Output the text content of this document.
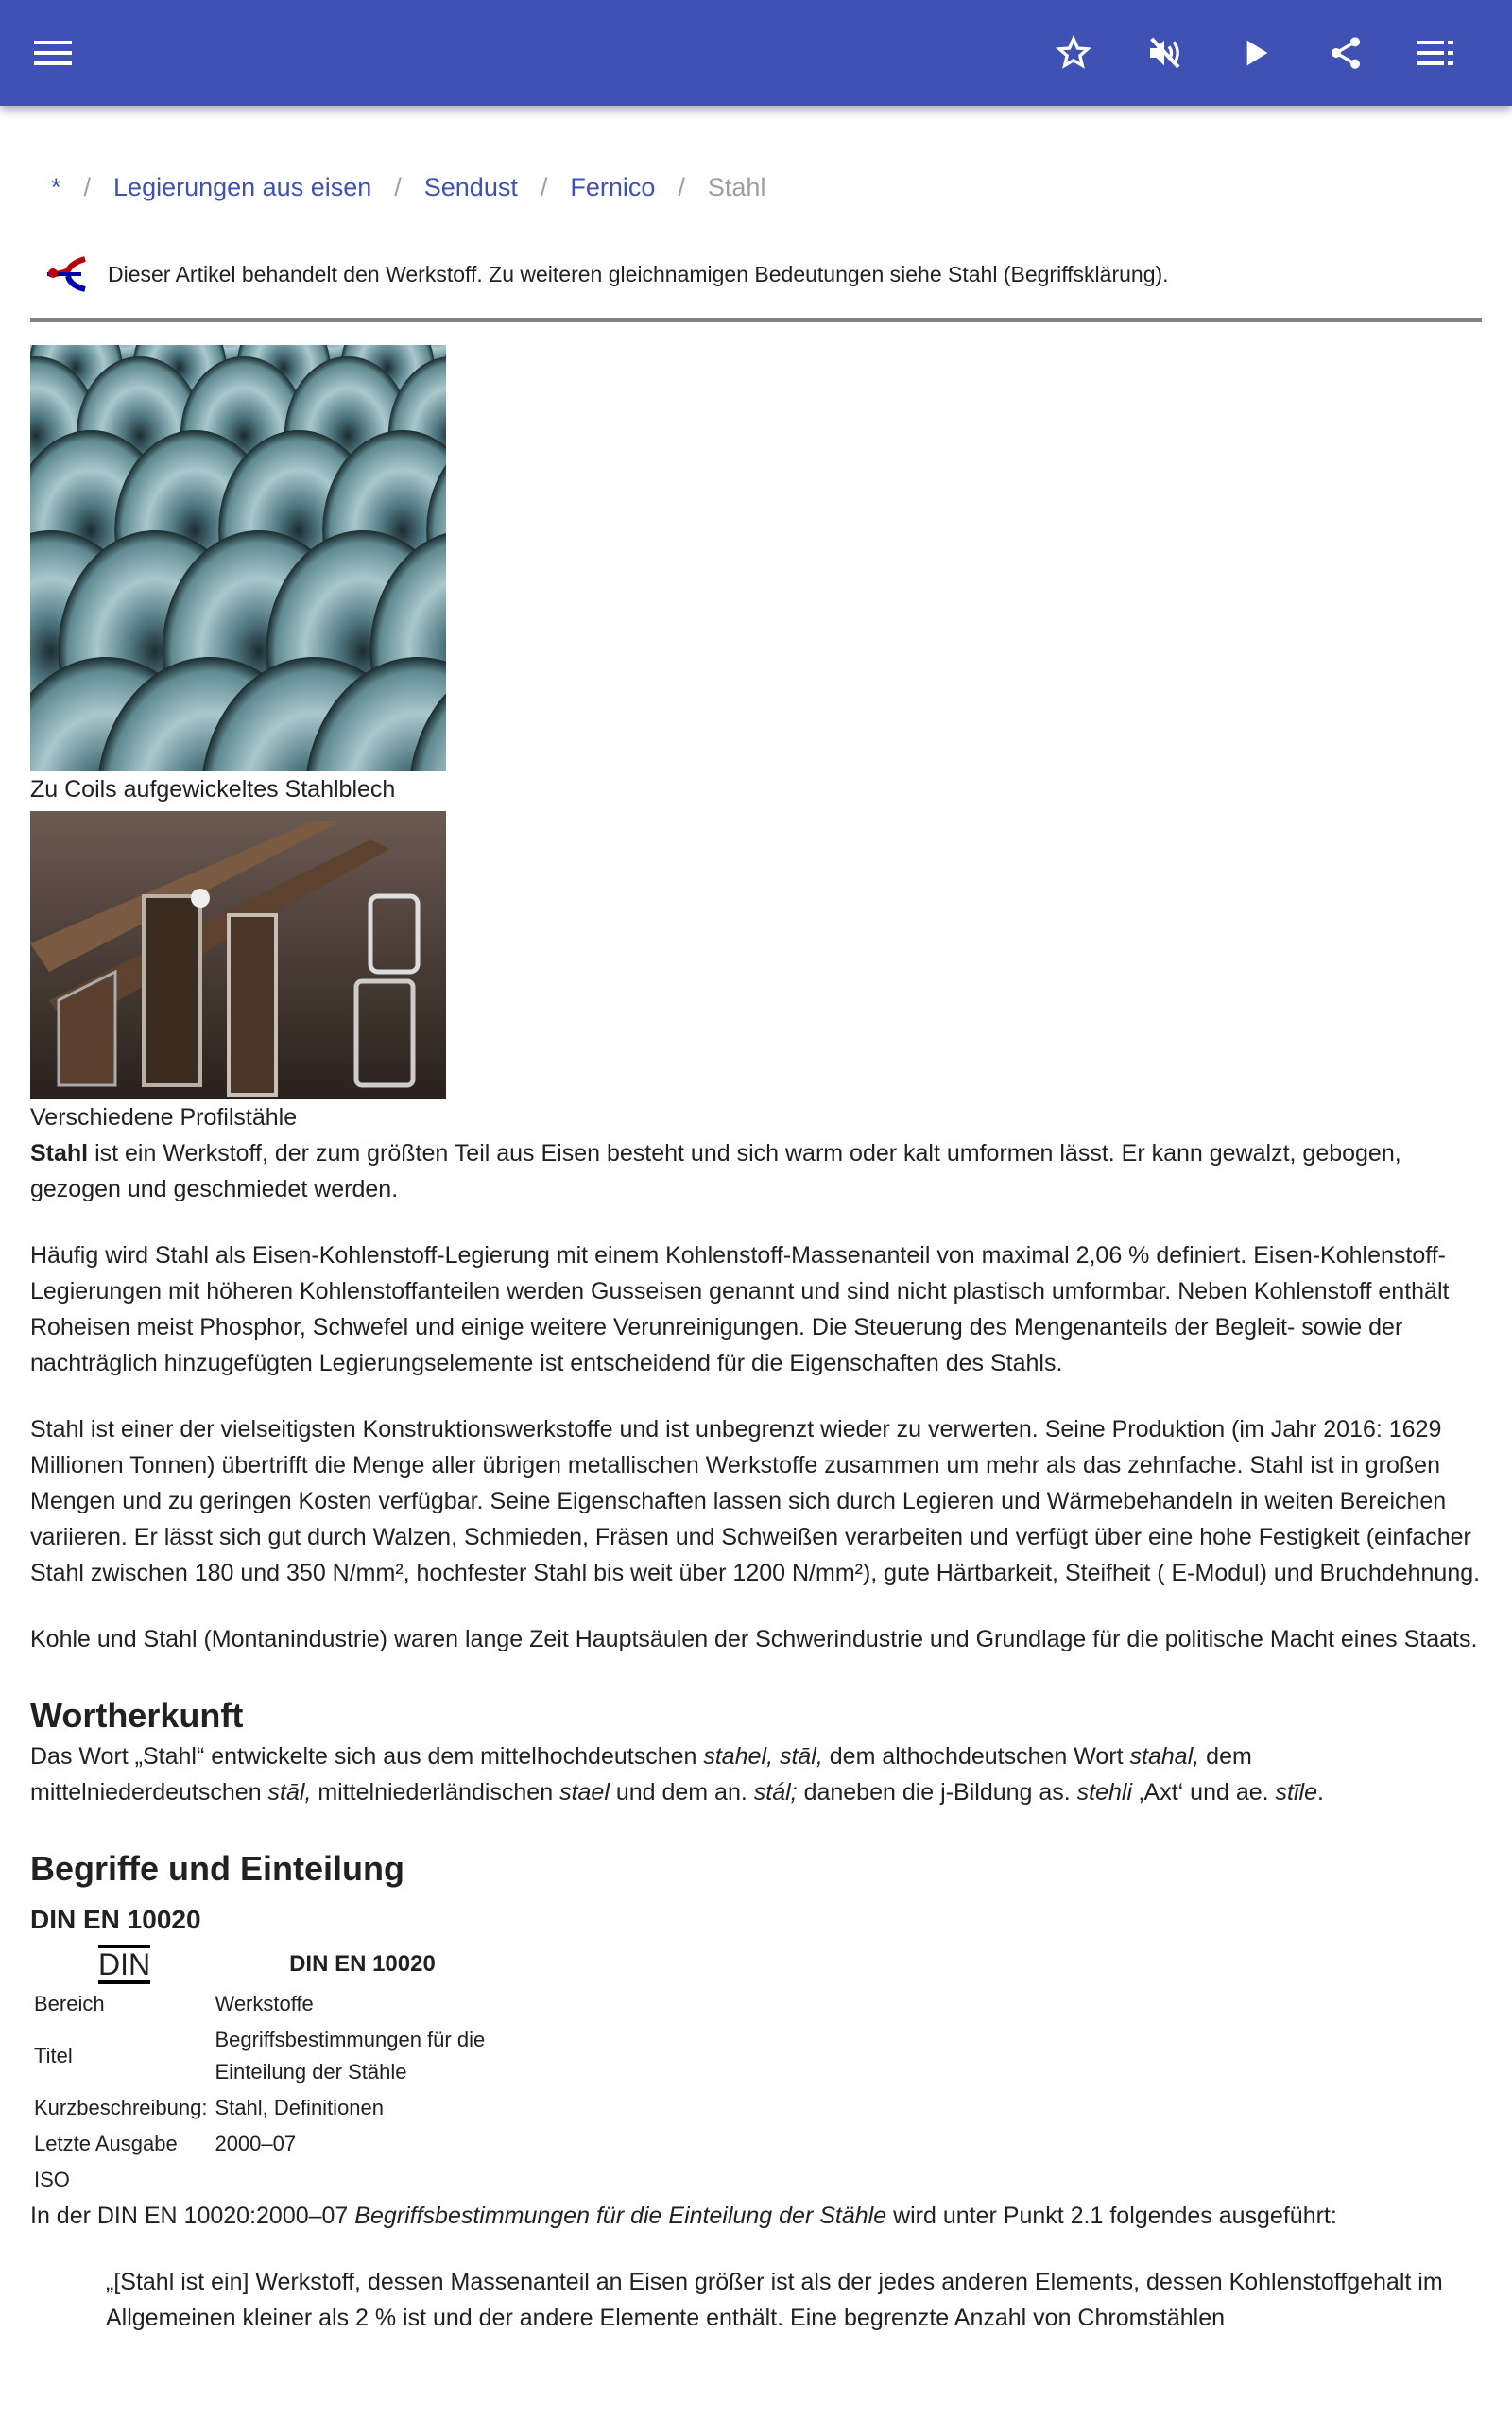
* / Legierungen aus eisen / Sendust / Fernico / Stahl
Dieser Artikel behandelt den Werkstoff. Zu weiteren gleichnamigen Bedeutungen siehe Stahl (Begriffsklärung).
Zu Coils aufgewickeltes Stahlblech
Verschiedene Profilstähle

Stahl ist ein Werkstoff, der zum größten Teil aus Eisen besteht und sich warm oder kalt umformen lässt. Er kann gewalzt, gebogen, gezogen und geschmiedet werden.

Häufig wird Stahl als Eisen-Kohlenstoff-Legierung mit einem Kohlenstoff-Massenanteil von maximal 2,06 % definiert. Eisen-Kohlenstoff-Legierungen mit höheren Kohlenstoffanteilen werden Gusseisen genannt und sind nicht plastisch umformbar. Neben Kohlenstoff enthält Roheisen meist Phosphor, Schwefel und einige weitere Verunreinigungen. Die Steuerung des Mengenanteils der Begleit- sowie der nachträglich hinzugefügten Legierungselemente ist entscheidend für die Eigenschaften des Stahls.

Stahl ist einer der vielseitigsten Konstruktionswerkstoffe und ist unbegrenzt wieder zu verwerten. Seine Produktion (im Jahr 2016: 1629 Millionen Tonnen) übertrifft die Menge aller übrigen metallischen Werkstoffe zusammen um mehr als das zehnfache. Stahl ist in großen Mengen und zu geringen Kosten verfügbar. Seine Eigenschaften lassen sich durch Legieren und Wärmebehandeln in weiten Bereichen variieren. Er lässt sich gut durch Walzen, Schmieden, Fräsen und Schweißen verarbeiten und verfügt über eine hohe Festigkeit (einfacher Stahl zwischen 180 und 350 N/mm², hochfester Stahl bis weit über 1200 N/mm²), gute Härtbarkeit, Steifheit ( E-Modul) und Bruchdehnung.

Kohle und Stahl (Montanindustrie) waren lange Zeit Hauptsäulen der Schwerindustrie und Grundlage für die politische Macht eines Staats.

Wortherkunft

Das Wort „Stahl“ entwickelte sich aus dem mittelhochdeutschen stahel, stāl, dem althochdeutschen Wort stahal, dem mittelniederdeutschen stāl, mittelniederländischen stael und dem an. stál; daneben die j-Bildung as. stehli ‚Axt‘ und ae. stīle.

Begriffe und Einteilung
DIN EN 10020
DIN	DIN EN 10020
Bereich	Werkstoffe
Titel	Begriffsbestimmungen für die Einteilung der Stähle
Kurzbeschreibung:	Stahl, Definitionen
Letzte Ausgabe	2000–07
ISO	

In der DIN EN 10020:2000–07 Begriffsbestimmungen für die Einteilung der Stähle wird unter Punkt 2.1 folgendes ausgeführt:

„[Stahl ist ein] Werkstoff, dessen Massenanteil an Eisen größer ist als der jedes anderen Elements, dessen Kohlenstoffgehalt im Allgemeinen kleiner als 2 % ist und der andere Elemente enthält. Eine begrenzte Anzahl von Chromstählen
